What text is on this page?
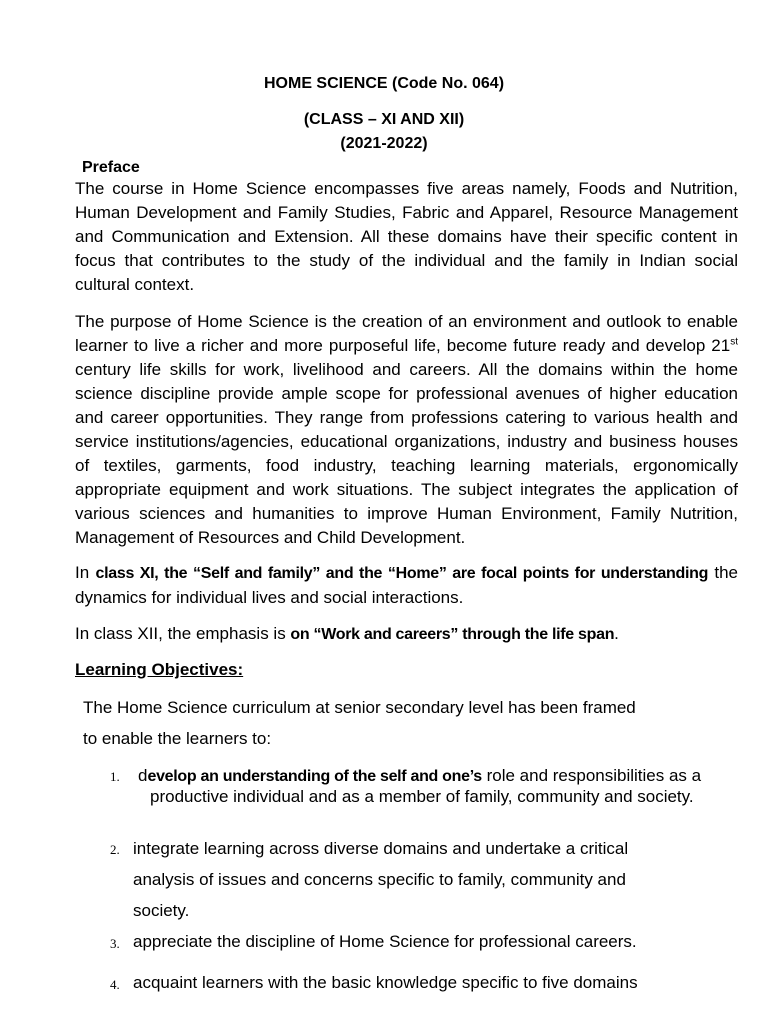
HOME SCIENCE (Code No. 064)
(CLASS – XI AND XII)
(2021-2022)
Preface

The course in Home Science encompasses five areas namely, Foods and Nutrition, Human Development and Family Studies, Fabric and Apparel, Resource Management and Communication and Extension. All these domains have their specific content in focus that contributes to the study of the individual and the family in Indian social cultural context.

The purpose of Home Science is the creation of an environment and outlook to enable learner to live a richer and more purposeful life, become future ready and develop 21st century life skills for work, livelihood and careers. All the domains within the home science discipline provide ample scope for professional avenues of higher education and career opportunities. They range from professions catering to various health and service institutions/agencies, educational organizations, industry and business houses of textiles, garments, food industry, teaching learning materials, ergonomically appropriate equipment and work situations. The subject integrates the application of various sciences and humanities to improve Human Environment, Family Nutrition, Management of Resources and Child Development.

In class XI, the “Self and family” and the “Home” are focal points for understanding the dynamics for individual lives and social interactions.

In class XII, the emphasis is on “Work and careers” through the life span.

Learning Objectives:
The Home Science curriculum at senior secondary level has been framed
to enable the learners to:
1. develop an understanding of the self and one’s role and responsibilities as a
productive individual and as a member of family, community and society.
2. integrate learning across diverse domains and undertake a critical
analysis of issues and concerns specific to family, community and
society.
3. appreciate the discipline of Home Science for professional careers.
4. acquaint learners with the basic knowledge specific to five domains
